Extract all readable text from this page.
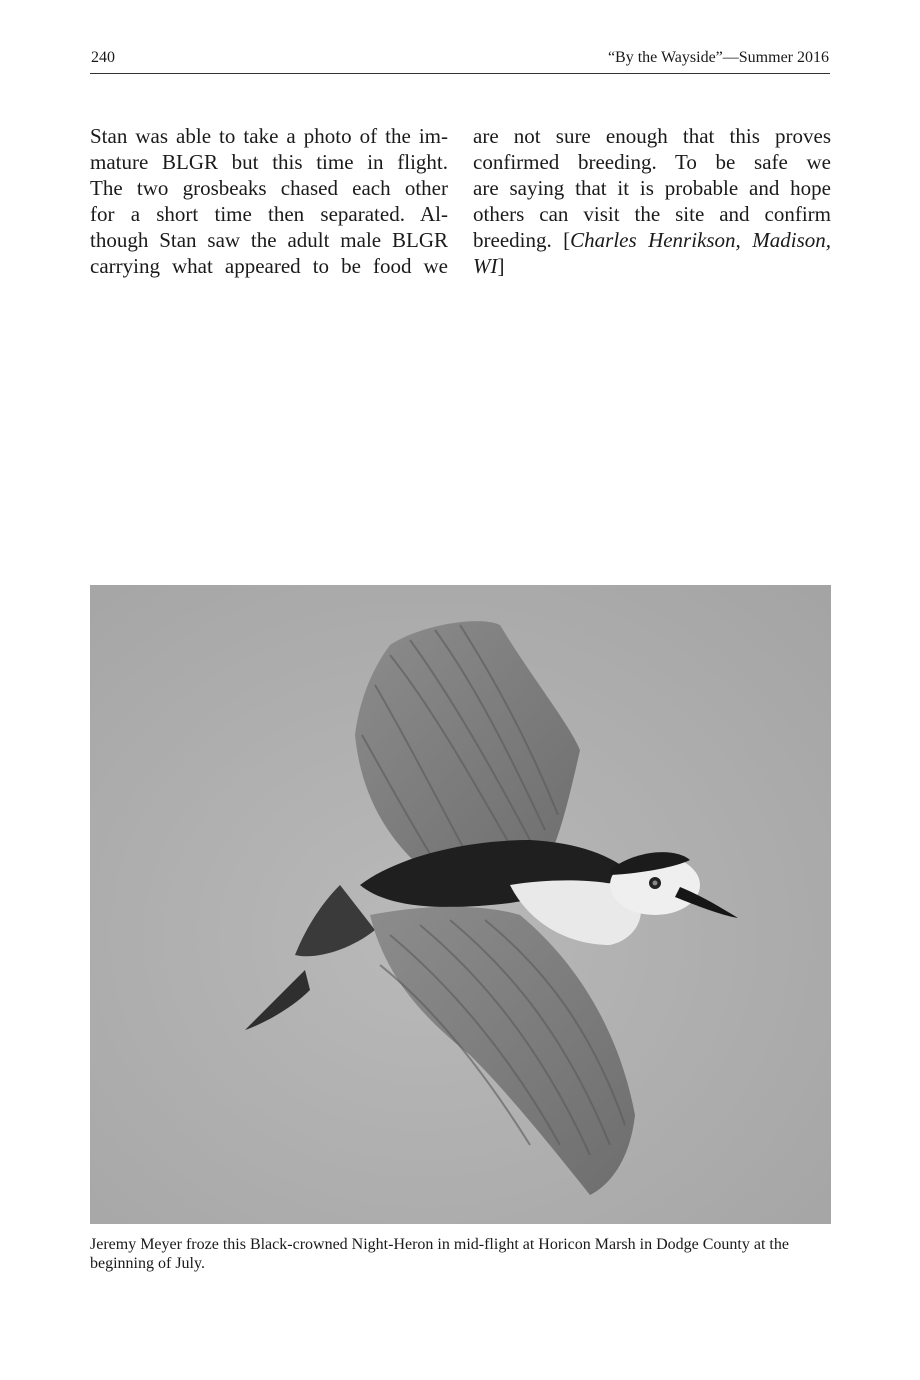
240	“By the Wayside”—Summer 2016
Stan was able to take a photo of the im-
mature BLGR but this time in flight.
The two grosbeaks chased each other
for a short time then separated. Al-
though Stan saw the adult male BLGR
carrying what appeared to be food we
are not sure enough that this proves
confirmed breeding. To be safe we
are saying that it is probable and hope
others can visit the site and confirm
breeding. [Charles Henrikson, Madison,
WI]
Jeremy Meyer froze this Black-crowned Night-Heron in mid-flight at Horicon Marsh in Dodge County at the beginning of July.
